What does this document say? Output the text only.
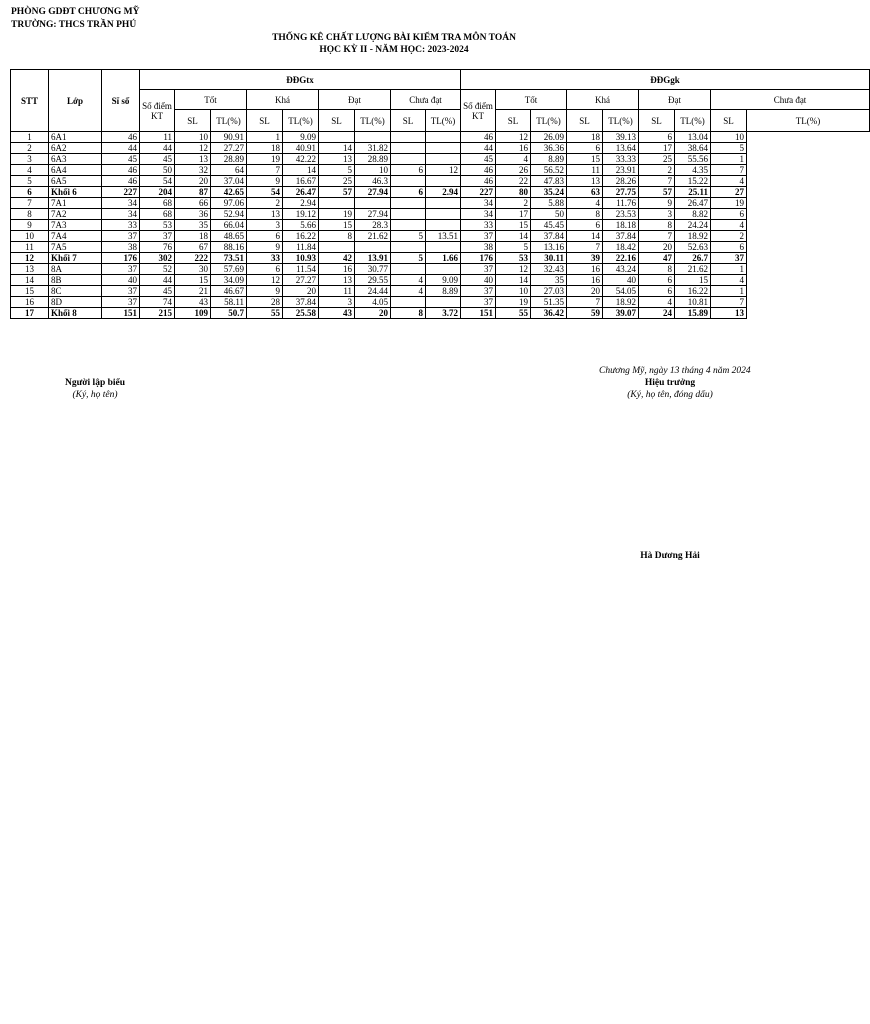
PHÒNG GDĐT CHƯƠNG MỸ
TRƯỜNG: THCS TRẦN PHÚ
THỐNG KÊ CHẤT LƯỢNG BÀI KIỂM TRA MÔN TOÁN
HỌC KỲ II - NĂM HỌC: 2023-2024
STT	Lớp	Sĩ số	ĐĐGtx									ĐĐGgk								
			Số điểm KT	Tốt		Khá		Đạt		Chưa đạt		Số điểm KT	Tốt		Khá		Đạt		Chưa đạt	
				SL	TL(%)	SL	TL(%)	SL	TL(%)	SL	TL(%)		SL	TL(%)	SL	TL(%)	SL	TL(%)	SL	TL(%)
1	6A1	46	11	10	90.91	1	9.09					46	12	26.09	18	39.13	6	13.04	10	
2	6A2	44	44	12	27.27	18	40.91	14	31.82			44	16	36.36	6	13.64	17	38.64	5	
3	6A3	45	45	13	28.89	19	42.22	13	28.89			45	4	8.89	15	33.33	25	55.56	1	
4	6A4	46	50	32	64	7	14	5	10	6	12	46	26	56.52	11	23.91	2	4.35	7	
5	6A5	46	54	20	37.04	9	16.67	25	46.3			46	22	47.83	13	28.26	7	15.22	4	
6	Khối 6	227	204	87	42.65	54	26.47	57	27.94	6	2.94	227	80	35.24	63	27.75	57	25.11	27	
7	7A1	34	68	66	97.06	2	2.94					34	2	5.88	4	11.76	9	26.47	19	
8	7A2	34	68	36	52.94	13	19.12	19	27.94			34	17	50	8	23.53	3	8.82	6	
9	7A3	33	53	35	66.04	3	5.66	15	28.3			33	15	45.45	6	18.18	8	24.24	4	
10	7A4	37	37	18	48.65	6	16.22	8	21.62	5	13.51	37	14	37.84	14	37.84	7	18.92	2	
11	7A5	38	76	67	88.16	9	11.84					38	5	13.16	7	18.42	20	52.63	6	
12	Khối 7	176	302	222	73.51	33	10.93	42	13.91	5	1.66	176	53	30.11	39	22.16	47	26.7	37	
13	8A	37	52	30	57.69	6	11.54	16	30.77			37	12	32.43	16	43.24	8	21.62	1	
14	8B	40	44	15	34.09	12	27.27	13	29.55	4	9.09	40	14	35	16	40	6	15	4	
15	8C	37	45	21	46.67	9	20	11	24.44	4	8.89	37	10	27.03	20	54.05	6	16.22	1	
16	8D	37	74	43	58.11	28	37.84	3	4.05			37	19	51.35	7	18.92	4	10.81	7	
17	Khối 8	151	215	109	50.7	55	25.58	43	20	8	3.72	151	55	36.42	59	39.07	24	15.89	13	
Người lập biểu
(Ký, họ tên)
Chương Mỹ, ngày 13 tháng 4 năm 2024
Hiệu trưởng
(Ký, họ tên, đóng dấu)
Hà Dương Hải
